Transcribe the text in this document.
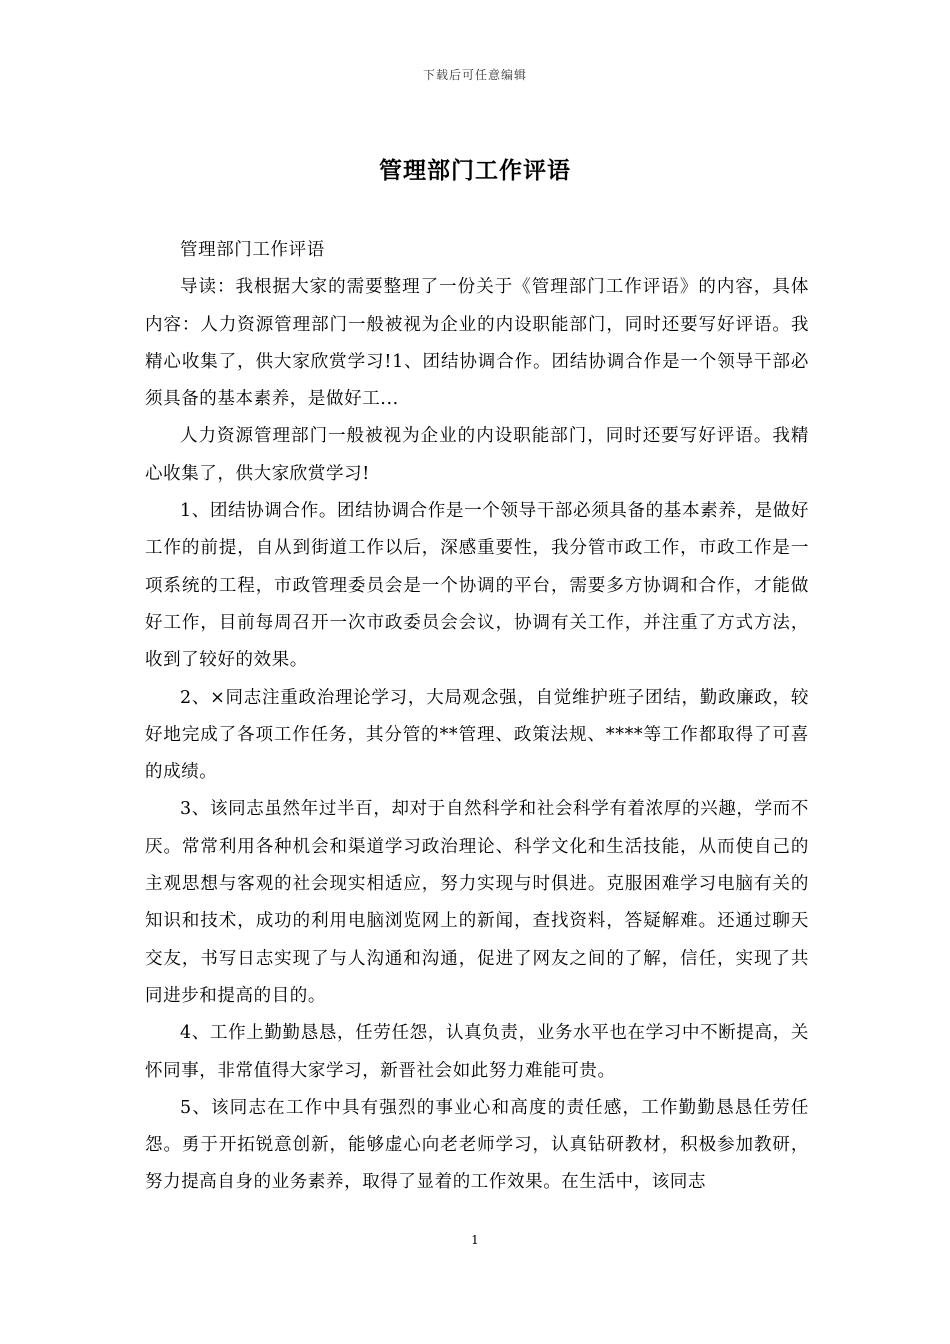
下载后可任意编辑
管理部门工作评语

管理部门工作评语

导读：我根据大家的需要整理了一份关于《管理部门工作评语》的内容，具体内容：人力资源管理部门一般被视为企业的内设职能部门，同时还要写好评语。我精心收集了，供大家欣赏学习!1、团结协调合作。团结协调合作是一个领导干部必须具备的基本素养，是做好工...

人力资源管理部门一般被视为企业的内设职能部门，同时还要写好评语。我精心收集了，供大家欣赏学习!

1、团结协调合作。团结协调合作是一个领导干部必须具备的基本素养，是做好工作的前提，自从到街道工作以后，深感重要性，我分管市政工作，市政工作是一项系统的工程，市政管理委员会是一个协调的平台，需要多方协调和合作，才能做好工作，目前每周召开一次市政委员会会议，协调有关工作，并注重了方式方法，收到了较好的效果。

2、×同志注重政治理论学习，大局观念强，自觉维护班子团结，勤政廉政，较好地完成了各项工作任务，其分管的**管理、政策法规、****等工作都取得了可喜的成绩。

3、该同志虽然年过半百，却对于自然科学和社会科学有着浓厚的兴趣，学而不厌。常常利用各种机会和渠道学习政治理论、科学文化和生活技能，从而使自己的主观思想与客观的社会现实相适应，努力实现与时俱进。克服困难学习电脑有关的知识和技术，成功的利用电脑浏览网上的新闻，查找资料，答疑解难。还通过聊天交友，书写日志实现了与人沟通和沟通，促进了网友之间的了解，信任，实现了共同进步和提高的目的。

4、工作上勤勤恳恳，任劳任怨，认真负责，业务水平也在学习中不断提高，关怀同事，非常值得大家学习，新晋社会如此努力难能可贵。

5、该同志在工作中具有强烈的事业心和高度的责任感，工作勤勤恳恳任劳任怨。勇于开拓锐意创新，能够虚心向老老师学习，认真钻研教材，积极参加教研，努力提高自身的业务素养，取得了显着的工作效果。在生活中，该同志

1
